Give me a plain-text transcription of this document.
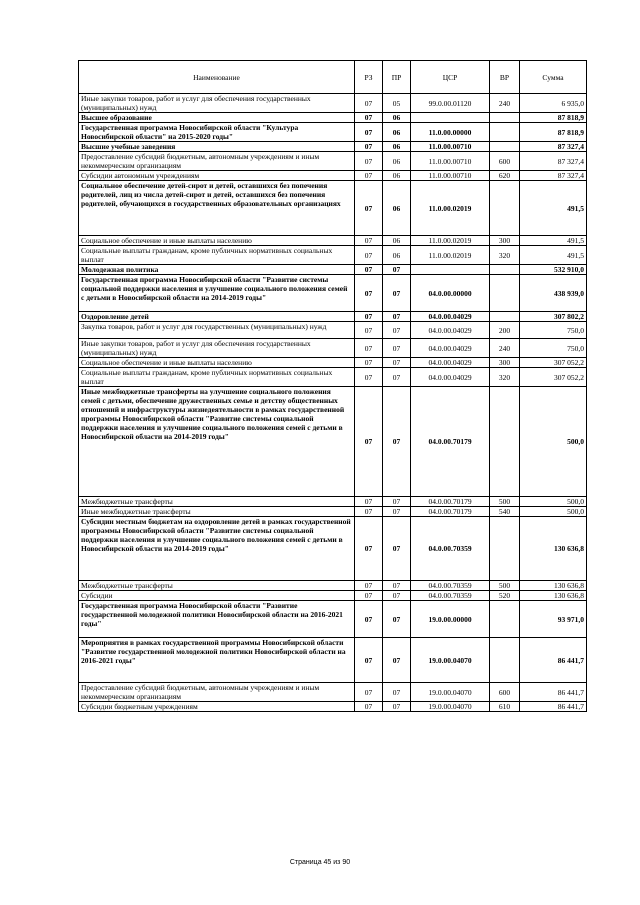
Наименование	РЗ	ПР	ЦСР	ВР	Сумма
Иные закупки товаров, работ и услуг для обеспечения государственных (муниципальных) нужд	07	05	99.0.00.01120	240	6 935,0
Высшее образование	07	06			87 818,9
Государственная программа Новосибирской области "Культура Новосибирской области" на 2015-2020 годы"	07	06	11.0.00.00000		87 818,9
Высшие учебные заведения	07	06	11.0.00.00710		87 327,4
Предоставление субсидий бюджетным, автономным учреждениям и иным некоммерческим организациям	07	06	11.0.00.00710	600	87 327,4
Субсидии автономным учреждениям	07	06	11.0.00.00710	620	87 327,4
Социальное обеспечение детей-сирот и детей, оставшихся без попечения родителей, лиц из числа детей-сирот и детей, оставшихся без попечения родителей, обучающихся в государственных образовательных организациях	07	06	11.0.00.02019		491,5
Социальное обеспечение и иные выплаты населению	07	06	11.0.00.02019	300	491,5
Социальные выплаты гражданам, кроме публичных нормативных социальных выплат	07	06	11.0.00.02019	320	491,5
Молодежная политика	07	07			532 910,0
Государственная программа Новосибирской области "Развитие системы социальной поддержки населения и улучшение социального положения семей с детьми в Новосибирской области на 2014-2019 годы"	07	07	04.0.00.00000		438 939,0
Оздоровление детей	07	07	04.0.00.04029		307 802,2
Закупка товаров, работ и услуг для государственных (муниципальных) нужд	07	07	04.0.00.04029	200	750,0
Иные закупки товаров, работ и услуг для обеспечения государственных (муниципальных) нужд	07	07	04.0.00.04029	240	750,0
Социальное обеспечение и иные выплаты населению	07	07	04.0.00.04029	300	307 052,2
Социальные выплаты гражданам, кроме публичных нормативных социальных выплат	07	07	04.0.00.04029	320	307 052,2
Иные межбюджетные трансферты на улучшение социального положения семей с детьми, обеспечение дружественных семье и детству общественных отношений и инфраструктуры жизнедеятельности в рамках государственной программы Новосибирской области "Развитие системы социальной поддержки населения и улучшение социального положения семей с детьми в Новосибирской области на 2014-2019 годы"	07	07	04.0.00.70179		500,0
Межбюджетные трансферты	07	07	04.0.00.70179	500	500,0
Иные межбюджетные трансферты	07	07	04.0.00.70179	540	500,0
Субсидии местным бюджетам на оздоровление детей в рамках государственной программы Новосибирской области "Развитие системы социальной поддержки населения и улучшение социального положения семей с детьми в Новосибирской области на 2014-2019 годы"	07	07	04.0.00.70359		130 636,8
Межбюджетные трансферты	07	07	04.0.00.70359	500	130 636,8
Субсидии	07	07	04.0.00.70359	520	130 636,8
Государственная программа Новосибирской области "Развитие государственной молодежной политики Новосибирской области на 2016-2021 годы"	07	07	19.0.00.00000		93 971,0
Мероприятия в рамках государственной программы Новосибирской области "Развитие государственной молодежной политики Новосибирской области на 2016-2021 годы"	07	07	19.0.00.04070		86 441,7
Предоставление субсидий бюджетным, автономным учреждениям и иным некоммерческим организациям	07	07	19.0.00.04070	600	86 441,7
Субсидии бюджетным учреждениям	07	07	19.0.00.04070	610	86 441,7
Страница 45 из 90
